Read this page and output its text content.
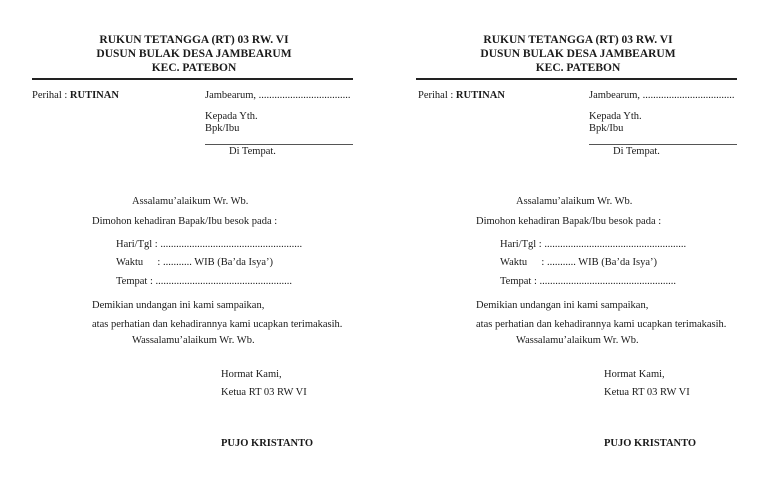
RUKUN TETANGGA (RT) 03 RW. VI
DUSUN BULAK DESA JAMBEARUM
KEC. PATEBON
Perihal : RUTINAN	Jambearum, ...................................
Kepada Yth.
Bpk/Ibu
Di Tempat.
Assalamu’alaikum Wr. Wb.
Dimohon kehadiran Bapak/Ibu besok pada :
Hari/Tgl : ......................................................
Waktu : ........... WIB (Ba’da Isya’)
Tempat : ....................................................
Demikian undangan ini kami sampaikan,
atas perhatian dan kehadirannya kami ucapkan terimakasih.
Wassalamu’alaikum Wr. Wb.
Hormat Kami,
Ketua RT 03 RW VI
PUJO KRISTANTO
RUKUN TETANGGA (RT) 03 RW. VI
DUSUN BULAK DESA JAMBEARUM
KEC. PATEBON
Perihal : RUTINAN	Jambearum, ...................................
Kepada Yth.
Bpk/Ibu
Di Tempat.
Assalamu’alaikum Wr. Wb.
Dimohon kehadiran Bapak/Ibu besok pada :
Hari/Tgl : ......................................................
Waktu : ........... WIB (Ba’da Isya’)
Tempat : ....................................................
Demikian undangan ini kami sampaikan,
atas perhatian dan kehadirannya kami ucapkan terimakasih.
Wassalamu’alaikum Wr. Wb.
Hormat Kami,
Ketua RT 03 RW VI
PUJO KRISTANTO
